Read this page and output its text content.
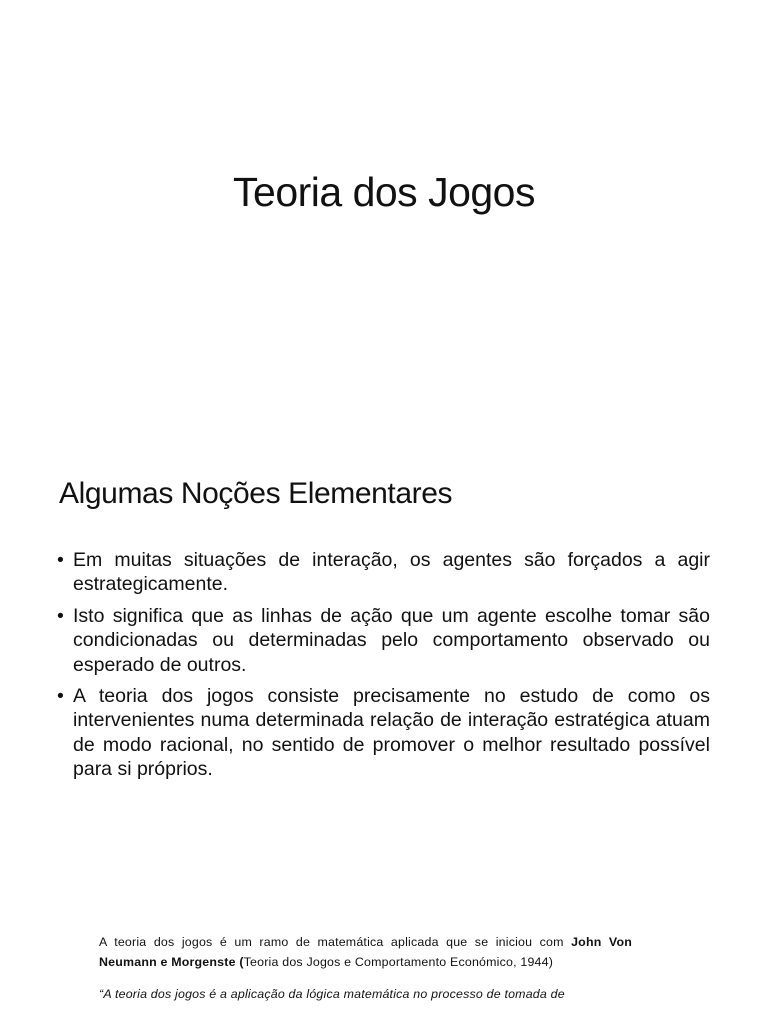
Teoria dos Jogos
Algumas Noções Elementares
• Em muitas situações de interação, os agentes são forçados a agir estrategicamente.
• Isto significa que as linhas de ação que um agente escolhe tomar são condicionadas ou determinadas pelo comportamento observado ou esperado de outros.
• A teoria dos jogos consiste precisamente no estudo de como os intervenientes numa determinada relação de interação estratégica atuam de modo racional, no sentido de promover o melhor resultado possível para si próprios.

A teoria dos jogos é um ramo de matemática aplicada que se iniciou com John Von Neumann e Morgenste (Teoria dos Jogos e Comportamento Económico, 1944)

“A teoria dos jogos é a aplicação da lógica matemática no processo de tomada de
